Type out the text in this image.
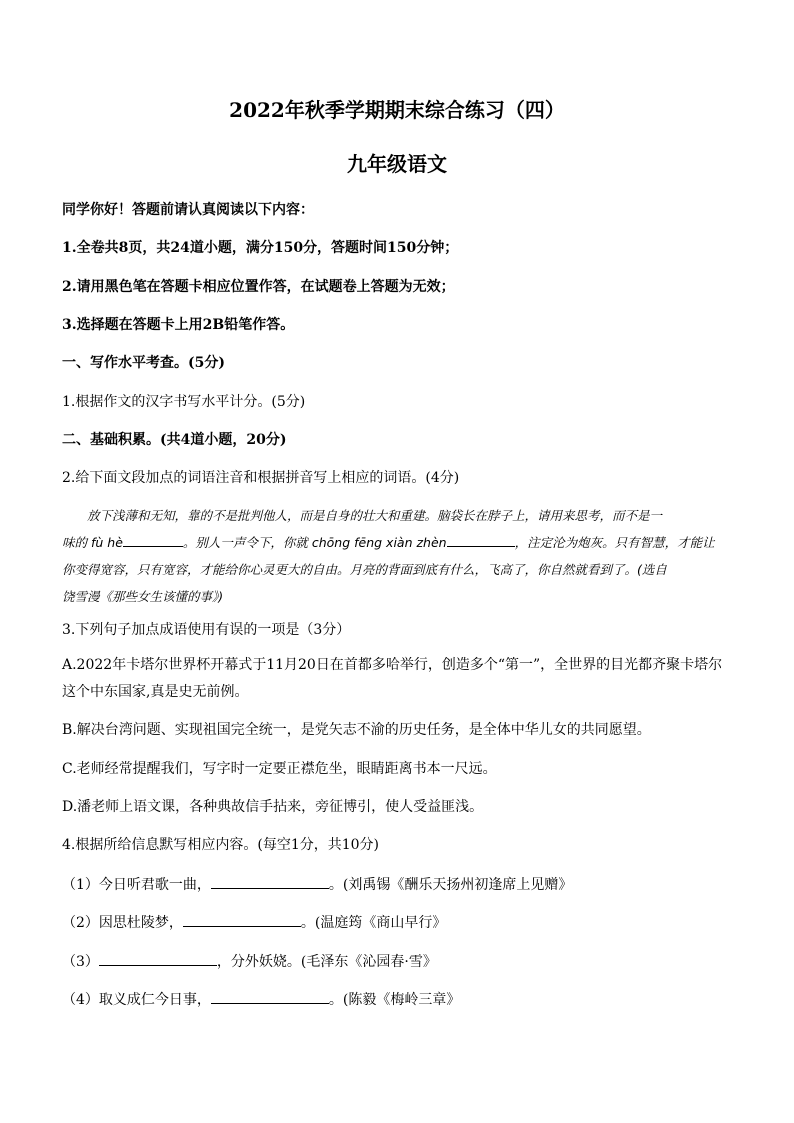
2022年秋季学期期末综合练习（四）
九年级语文
同学你好！答题前请认真阅读以下内容：
1.全卷共8页，共24道小题，满分150分，答题时间150分钟；
2.请用黑色笔在答题卡相应位置作答，在试题卷上答题为无效；
3.选择题在答题卡上用2B铅笔作答。
一、写作水平考查。(5分)
1.根据作文的汉字书写水平计分。(5分)
二、基础积累。(共4道小题，20分)
2.给下面文段加点的词语注音和根据拼音写上相应的词语。(4分)

放下浅薄和无知，靠的不是批判他人，而是自身的壮大和重建。脑袋长在脖子上，请用来思考，而不是一

味的 fù hè	。别人一声令下，你就 chōng fēng xiàn zhèn	，注定沦为炮灰。只有智慧，才能让

你变得宽容，只有宽容，才能给你心灵更大的自由。月亮的背面到底有什么，飞高了，你自然就看到了。(选自

饶雪漫《那些女生该懂的事》)

3.下列句子加点成语使用有误的一项是（3分）
A.2022年卡塔尔世界杯开幕式于11月20日在首都多哈举行，创造多个“第一”，全世界的目光都齐聚卡塔尔
这个中东国家,真是史无前例。
B.解决台湾问题、实现祖国完全统一，是党矢志不渝的历史任务，是全体中华儿女的共同愿望。
C.老师经常提醒我们，写字时一定要正襟危坐，眼睛距离书本一尺远。
D.潘老师上语文课，各种典故信手拈来，旁征博引，使人受益匪浅。
4.根据所给信息默写相应内容。(每空1分，共10分)
（1）今日听君歌一曲，	。(刘禹锡《酬乐天扬州初逢席上见赠》
（2）因思杜陵梦，	。(温庭筠《商山早行》
（3）	，分外妖娆。(毛泽东《沁园春·雪》
（4）取义成仁今日事，	。(陈毅《梅岭三章》
